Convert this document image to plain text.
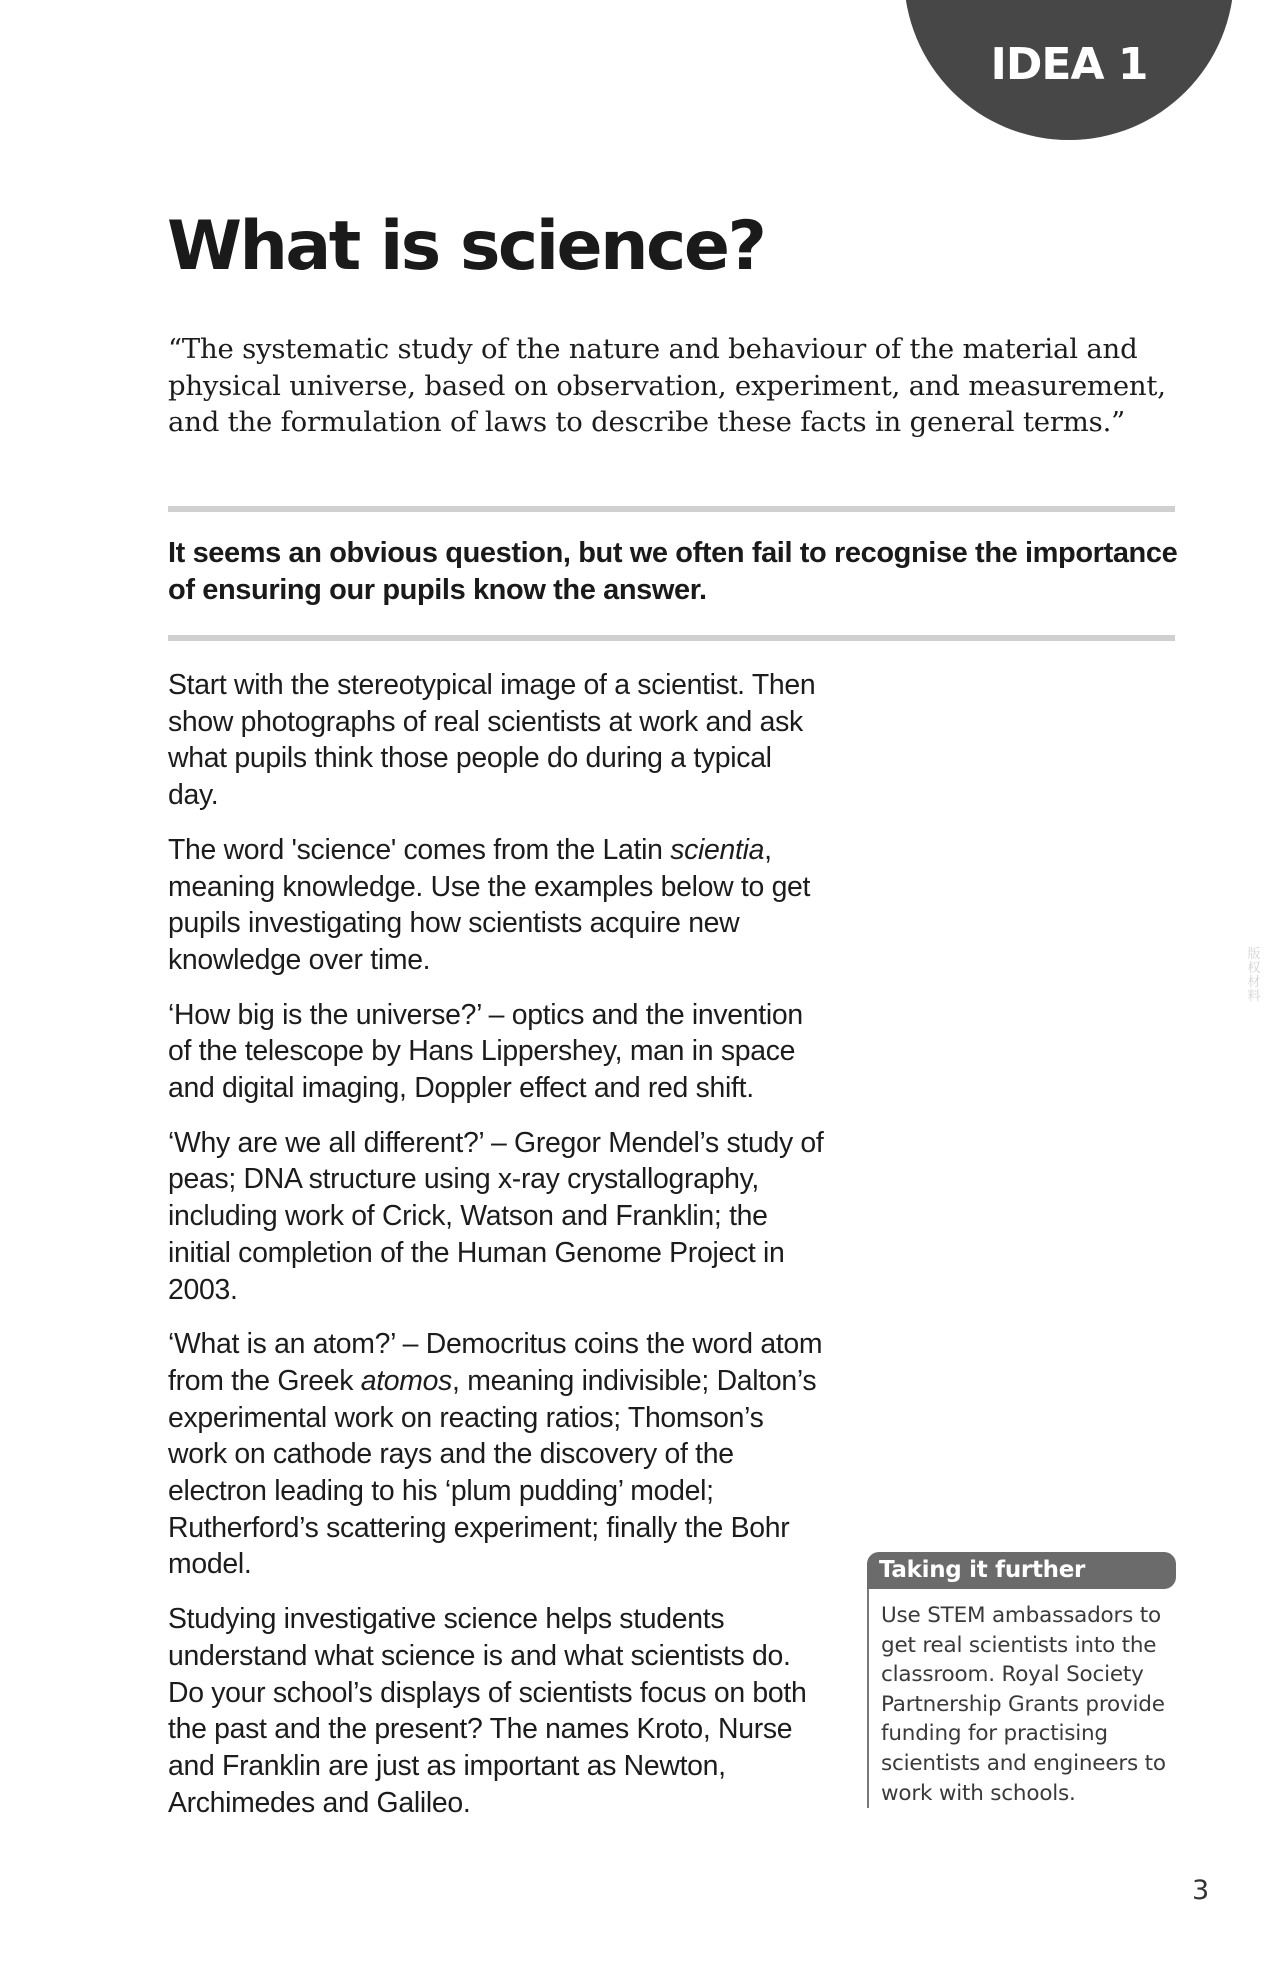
IDEA 1
What is science?

“The systematic study of the nature and behaviour of the material and physical universe, based on observation, experiment, and measurement, and the formulation of laws to describe these facts in general terms.”

It seems an obvious question, but we often fail to recognise the importance of ensuring our pupils know the answer.

Start with the stereotypical image of a scientist. Then show photographs of real scientists at work and ask what pupils think those people do during a typical day.

The word 'science' comes from the Latin scientia, meaning knowledge. Use the examples below to get pupils investigating how scientists acquire new knowledge over time.

‘How big is the universe?’ – optics and the invention of the telescope by Hans Lippershey, man in space and digital imaging, Doppler effect and red shift.

‘Why are we all different?’ – Gregor Mendel’s study of peas; DNA structure using x-ray crystallography, including work of Crick, Watson and Franklin; the initial completion of the Human Genome Project in 2003.

‘What is an atom?’ – Democritus coins the word atom from the Greek atomos, meaning indivisible; Dalton’s experimental work on reacting ratios; Thomson’s work on cathode rays and the discovery of the electron leading to his ‘plum pudding’ model; Rutherford’s scattering experiment; finally the Bohr model.

Studying investigative science helps students understand what science is and what scientists do. Do your school’s displays of scientists focus on both the past and the present? The names Kroto, Nurse and Franklin are just as important as Newton, Archimedes and Galileo.

Taking it further
Use STEM ambassadors to get real scientists into the classroom. Royal Society Partnership Grants provide funding for practising scientists and engineers to work with schools.
版权材料
3
